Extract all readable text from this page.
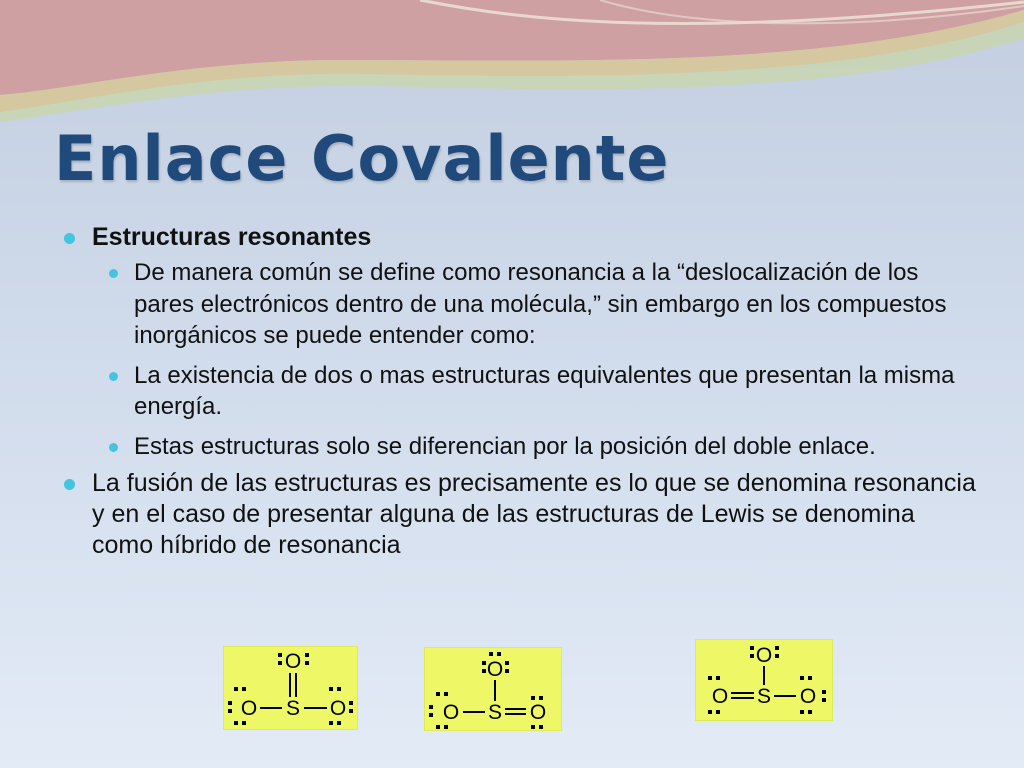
Enlace Covalente
Estructuras resonantes
De manera común se define como resonancia a la “deslocalización de los pares electrónicos dentro de una molécula,” sin embargo en los compuestos inorgánicos se puede entender como:
La existencia de dos o mas estructuras equivalentes que presentan la misma energía.
Estas estructuras solo se diferencian por la posición del doble enlace.
La fusión de las estructuras es precisamente es lo que se denomina resonancia y en el caso de presentar alguna de las estructuras de Lewis se denomina como híbrido de resonancia
O
S
O	O
O
S
O	O
O
S
O	O
